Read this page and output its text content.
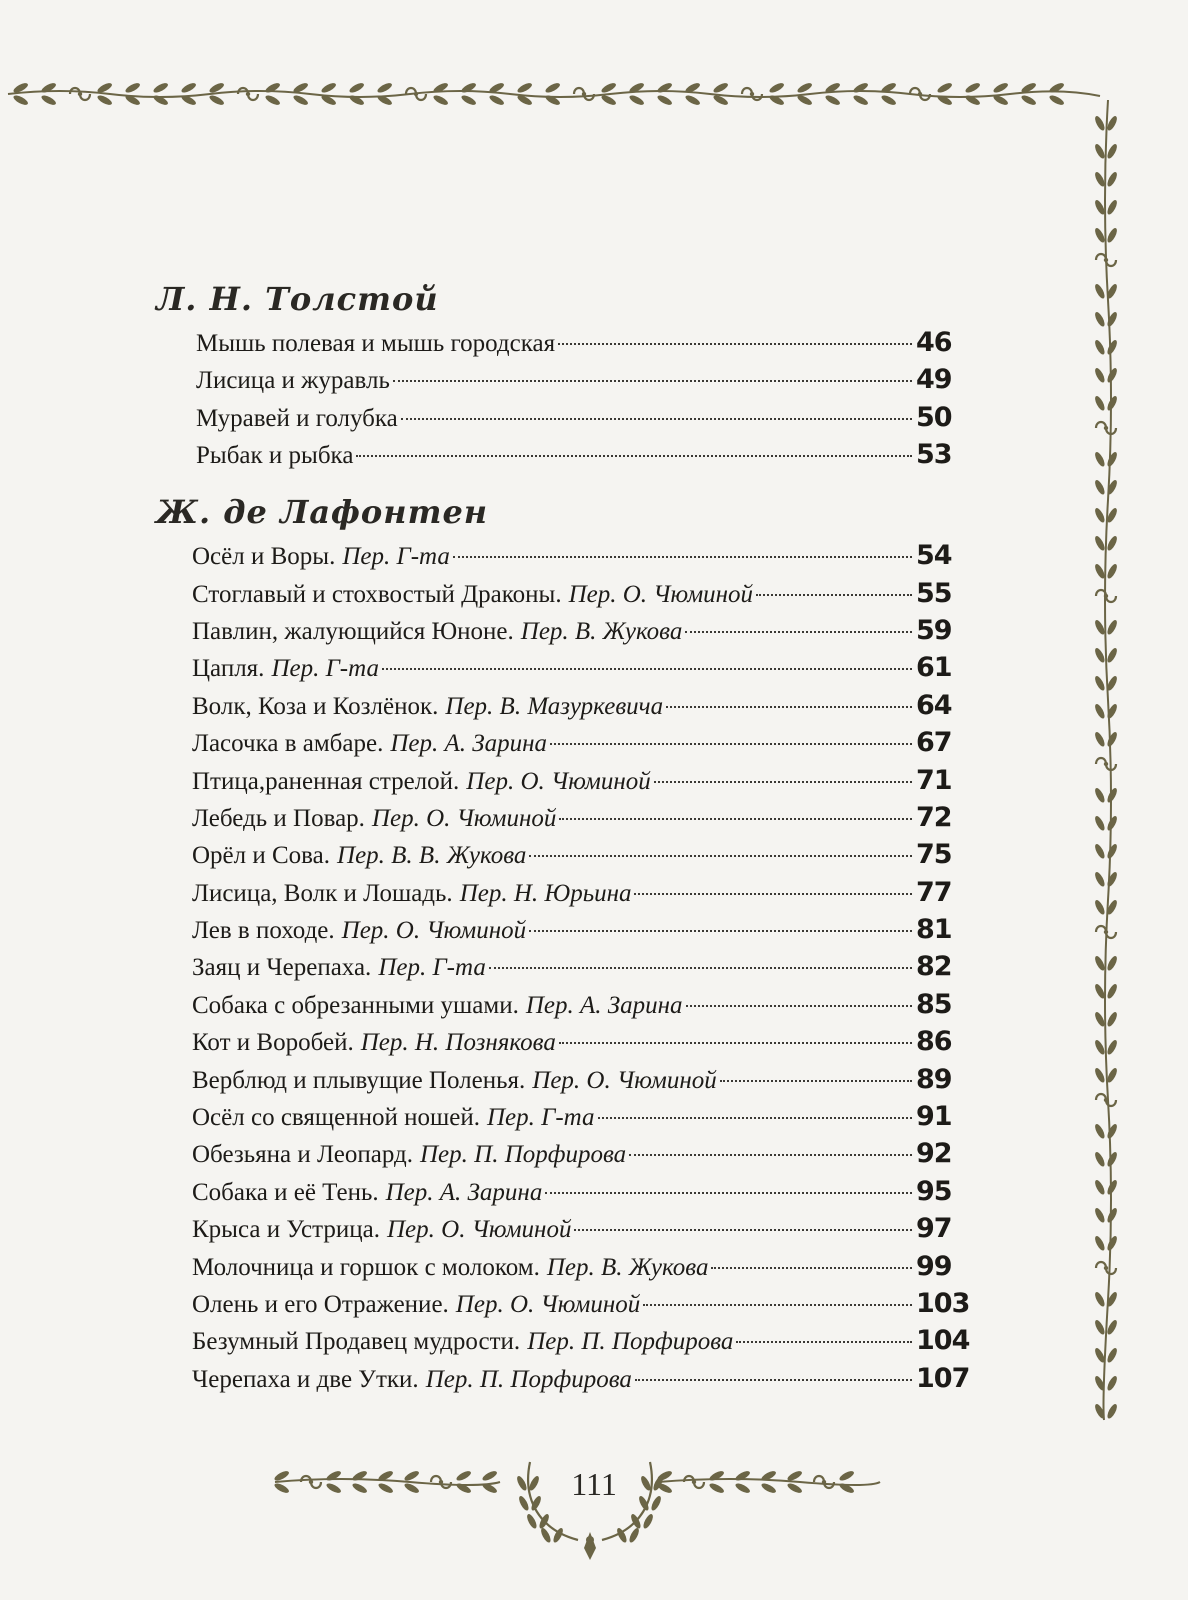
Л. Н. Толстой
Мышь полевая и мышь городская	46
Лисица и журавль	49
Муравей и голубка	50
Рыбак и рыбка	53
Ж. де Лафонтен
Осёл и Воры. Пер. Г-та	54
Стоглавый и стохвостый Драконы. Пер. О. Чюминой	55
Павлин, жалующийся Юноне. Пер. В. Жукова	59
Цапля. Пер. Г-та	61
Волк, Коза и Козлёнок. Пер. В. Мазуркевича	64
Ласочка в амбаре. Пер. А. Зарина	67
Птица,раненная стрелой. Пер. О. Чюминой	71
Лебедь и Повар. Пер. О. Чюминой	72
Орёл и Сова. Пер. В. В. Жукова	75
Лисица, Волк и Лошадь. Пер. Н. Юрьина	77
Лев в походе. Пер. О. Чюминой	81
Заяц и Черепаха. Пер. Г-та	82
Собака с обрезанными ушами. Пер. А. Зарина	85
Кот и Воробей. Пер. Н. Познякова	86
Верблюд и плывущие Поленья. Пер. О. Чюминой	89
Осёл со священной ношей. Пер. Г-та	91
Обезьяна и Леопард. Пер. П. Порфирова	92
Собака и её Тень. Пер. А. Зарина	95
Крыса и Устрица. Пер. О. Чюминой	97
Молочница и горшок с молоком. Пер. В. Жукова	99
Олень и его Отражение. Пер. О. Чюминой	103
Безумный Продавец мудрости. Пер. П. Порфирова	104
Черепаха и две Утки. Пер. П. Порфирова	107
111
